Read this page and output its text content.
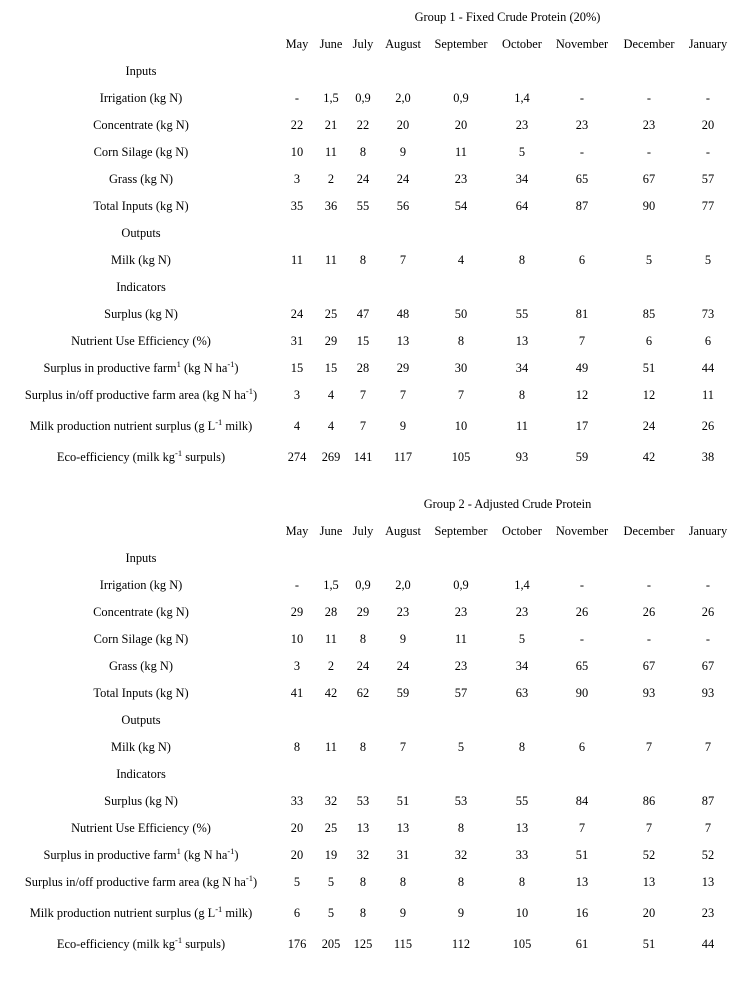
Group 1 - Fixed Crude Protein (20%)
May June July August	September	October	November	December	January
Inputs
Irrigation (kg N)	-	1,5	0,9	2,0	0,9	1,4	-	-	-
Concentrate (kg N)	22	21	22	20	20	23	23	23	20
Corn Silage (kg N)	10	11	8	9	11	5	-	-	-
Grass (kg N)	3	2	24	24	23	34	65	67	57
Total Inputs (kg N)	35	36	55	56	54	64	87	90	77
Outputs
Milk (kg N)	11	11	8	7	4	8	6	5	5
Indicators
Surplus (kg N)	24	25	47	48	50	55	81	85	73
Nutrient Use Efficiency (%)	31	29	15	13	8	13	7	6	6
Surplus in productive farm$^1$ (kg N $ha^{-1}$)	15	15	28	29	30	34	49	51	44
Surplus in/off productive farm area (kg N $ha^{-1}$)	3	4	7	7	7	8	12	12	11
Milk production nutrient surplus (g $L^{-1}$ milk)	4	4	7	9	10	11	17	24	26
Eco-efficiency (milk $kg^{-1}$ surpuls)	274	269	141	117	105	93	59	42	38
Group 2 - Adjusted Crude Protein
May June July August	September	October	November	December	January
Inputs
Irrigation (kg N)	-	1,5	0,9	2,0	0,9	1,4	-	-	-
Concentrate (kg N)	29	28	29	23	23	23	26	26	26
Corn Silage (kg N)	10	11	8	9	11	5	-	-	-
Grass (kg N)	3	2	24	24	23	34	65	67	67
Total Inputs (kg N)	41	42	62	59	57	63	90	93	93
Outputs
Milk (kg N)	8	11	8	7	5	8	6	7	7
Indicators
Surplus (kg N)	33	32	53	51	53	55	84	86	87
Nutrient Use Efficiency (%)	20	25	13	13	8	13	7	7	7
Surplus in productive farm$^1$ (kg N $ha^{-1}$)	20	19	32	31	32	33	51	52	52
Surplus in/off productive farm area (kg N $ha^{-1}$)	5	5	8	8	8	8	13	13	13
Milk production nutrient surplus (g $L^{-1}$ milk)	6	5	8	9	9	10	16	20	23
Eco-efficiency (milk $kg^{-1}$ surpuls)	176	205	125	115	112	105	61	51	44
